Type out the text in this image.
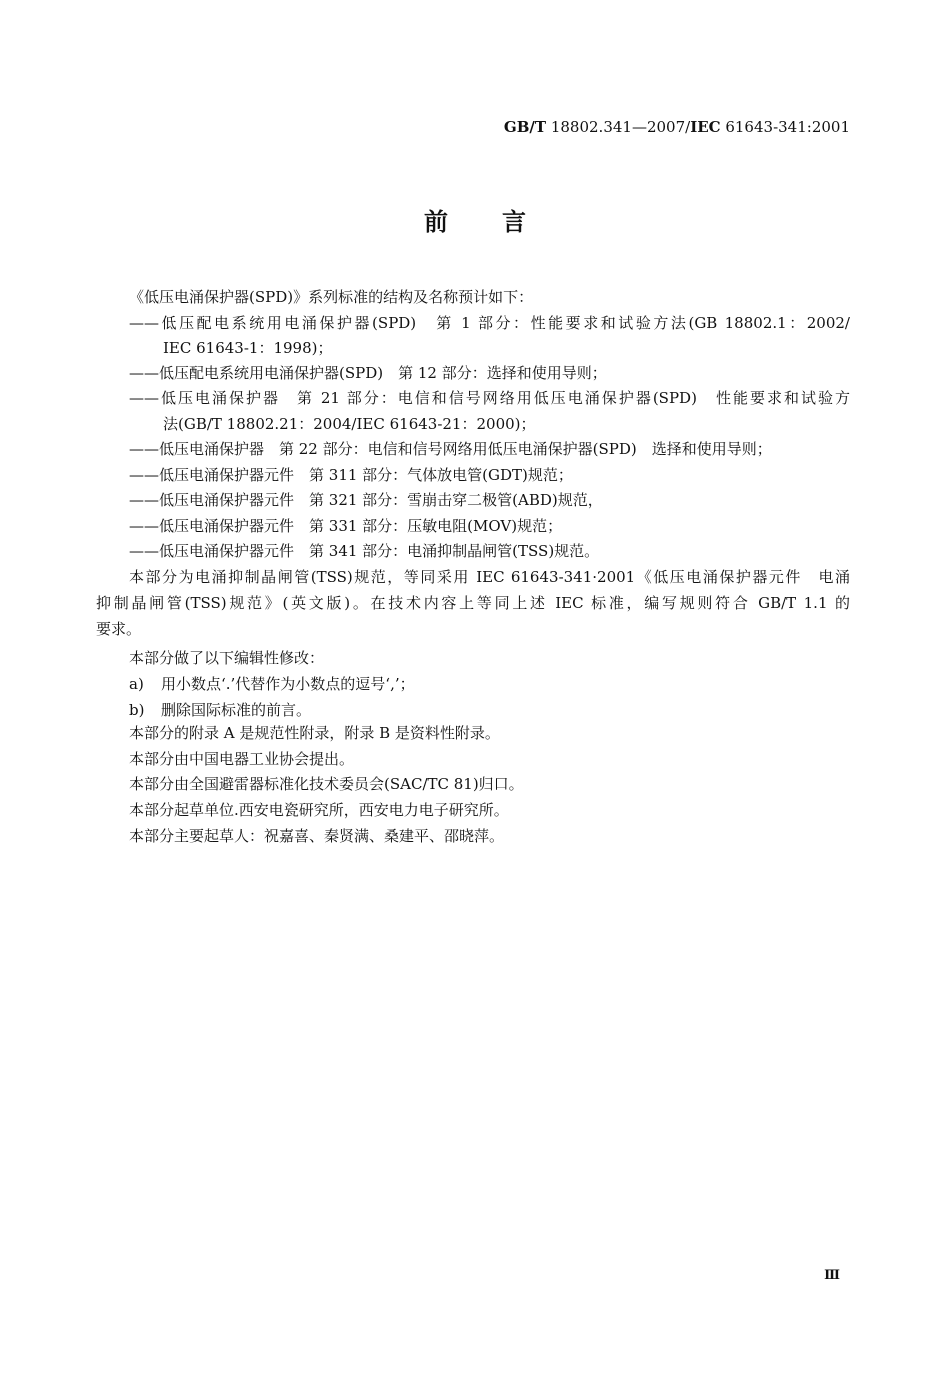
GB/T 18802.341—2007/IEC 61643-341:2001
前言
《低压电涌保护器(SPD)》系列标准的结构及名称预计如下：
——低压配电系统用电涌保护器(SPD)　第 1 部分：性能要求和试验方法(GB 18802.1：2002/
IEC 61643-1：1998)；
——低压配电系统用电涌保护器(SPD)　第 12 部分：选择和使用导则；
——低压电涌保护器　第 21 部分：电信和信号网络用低压电涌保护器(SPD)　性能要求和试验方
法(GB/T 18802.21：2004/IEC 61643-21：2000)；
——低压电涌保护器　第 22 部分：电信和信号网络用低压电涌保护器(SPD)　选择和使用导则；
——低压电涌保护器元件　第 311 部分：气体放电管(GDT)规范；
——低压电涌保护器元件　第 321 部分：雪崩击穿二极管(ABD)规范，
——低压电涌保护器元件　第 331 部分：压敏电阻(MOV)规范；
——低压电涌保护器元件　第 341 部分：电涌抑制晶闸管(TSS)规范。
本部分为电涌抑制晶闸管(TSS)规范，等同采用 IEC 61643-341·2001《低压电涌保护器元件　电涌
抑制晶闸管(TSS)规范》(英文版)。在技术内容上等同上述 IEC 标准，编写规则符合 GB/T 1.1 的
要求。
本部分做了以下编辑性修改：
a) 用小数点‘.’代替作为小数点的逗号‘,’；
b) 删除国际标准的前言。
本部分的附录 A 是规范性附录，附录 B 是资料性附录。
本部分由中国电器工业协会提出。
本部分由全国避雷器标准化技术委员会(SAC/TC 81)归口。
本部分起草单位.西安电瓷研究所，西安电力电子研究所。
本部分主要起草人：祝嘉喜、秦贤满、桑建平、邵晓萍。
Ⅲ
